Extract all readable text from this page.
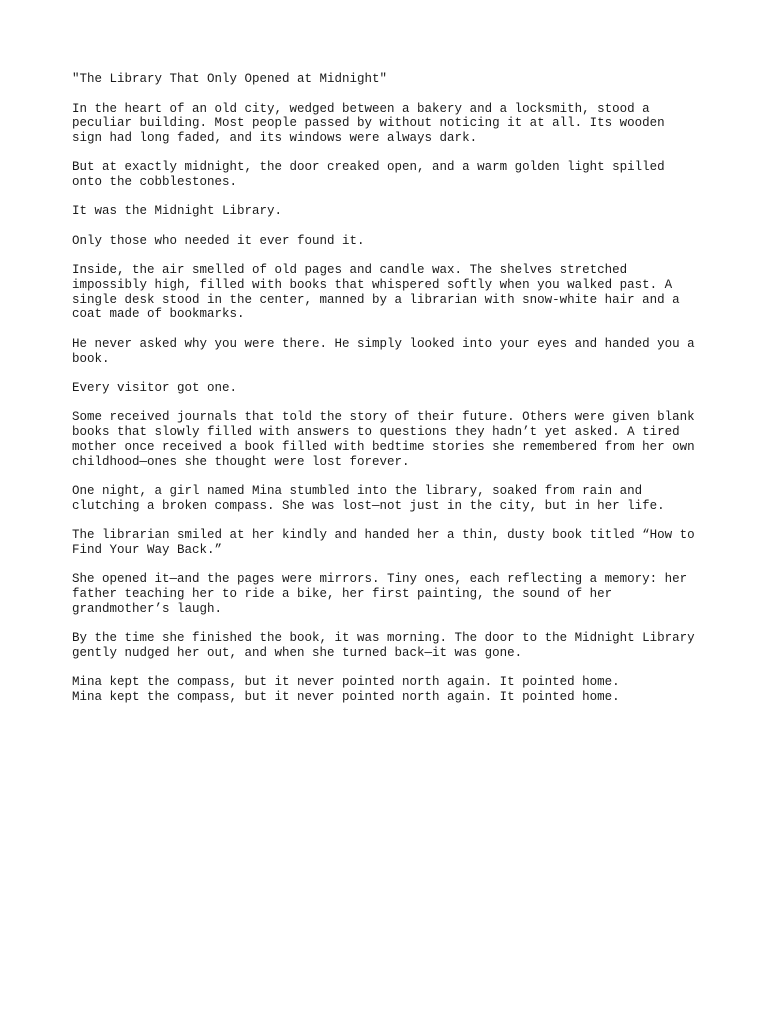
"The Library That Only Opened at Midnight"

In the heart of an old city, wedged between a bakery and a locksmith, stood a
peculiar building. Most people passed by without noticing it at all. Its wooden
sign had long faded, and its windows were always dark.

But at exactly midnight, the door creaked open, and a warm golden light spilled
onto the cobblestones.

It was the Midnight Library.

Only those who needed it ever found it.

Inside, the air smelled of old pages and candle wax. The shelves stretched
impossibly high, filled with books that whispered softly when you walked past. A
single desk stood in the center, manned by a librarian with snow-white hair and a
coat made of bookmarks.

He never asked why you were there. He simply looked into your eyes and handed you a
book.

Every visitor got one.

Some received journals that told the story of their future. Others were given blank
books that slowly filled with answers to questions they hadn’t yet asked. A tired
mother once received a book filled with bedtime stories she remembered from her own
childhood—ones she thought were lost forever.

One night, a girl named Mina stumbled into the library, soaked from rain and
clutching a broken compass. She was lost—not just in the city, but in her life.

The librarian smiled at her kindly and handed her a thin, dusty book titled “How to
Find Your Way Back.”

She opened it—and the pages were mirrors. Tiny ones, each reflecting a memory: her
father teaching her to ride a bike, her first painting, the sound of her
grandmother’s laugh.

By the time she finished the book, it was morning. The door to the Midnight Library
gently nudged her out, and when she turned back—it was gone.

Mina kept the compass, but it never pointed north again. It pointed home.

Mina kept the compass, but it never pointed north again. It pointed home.
